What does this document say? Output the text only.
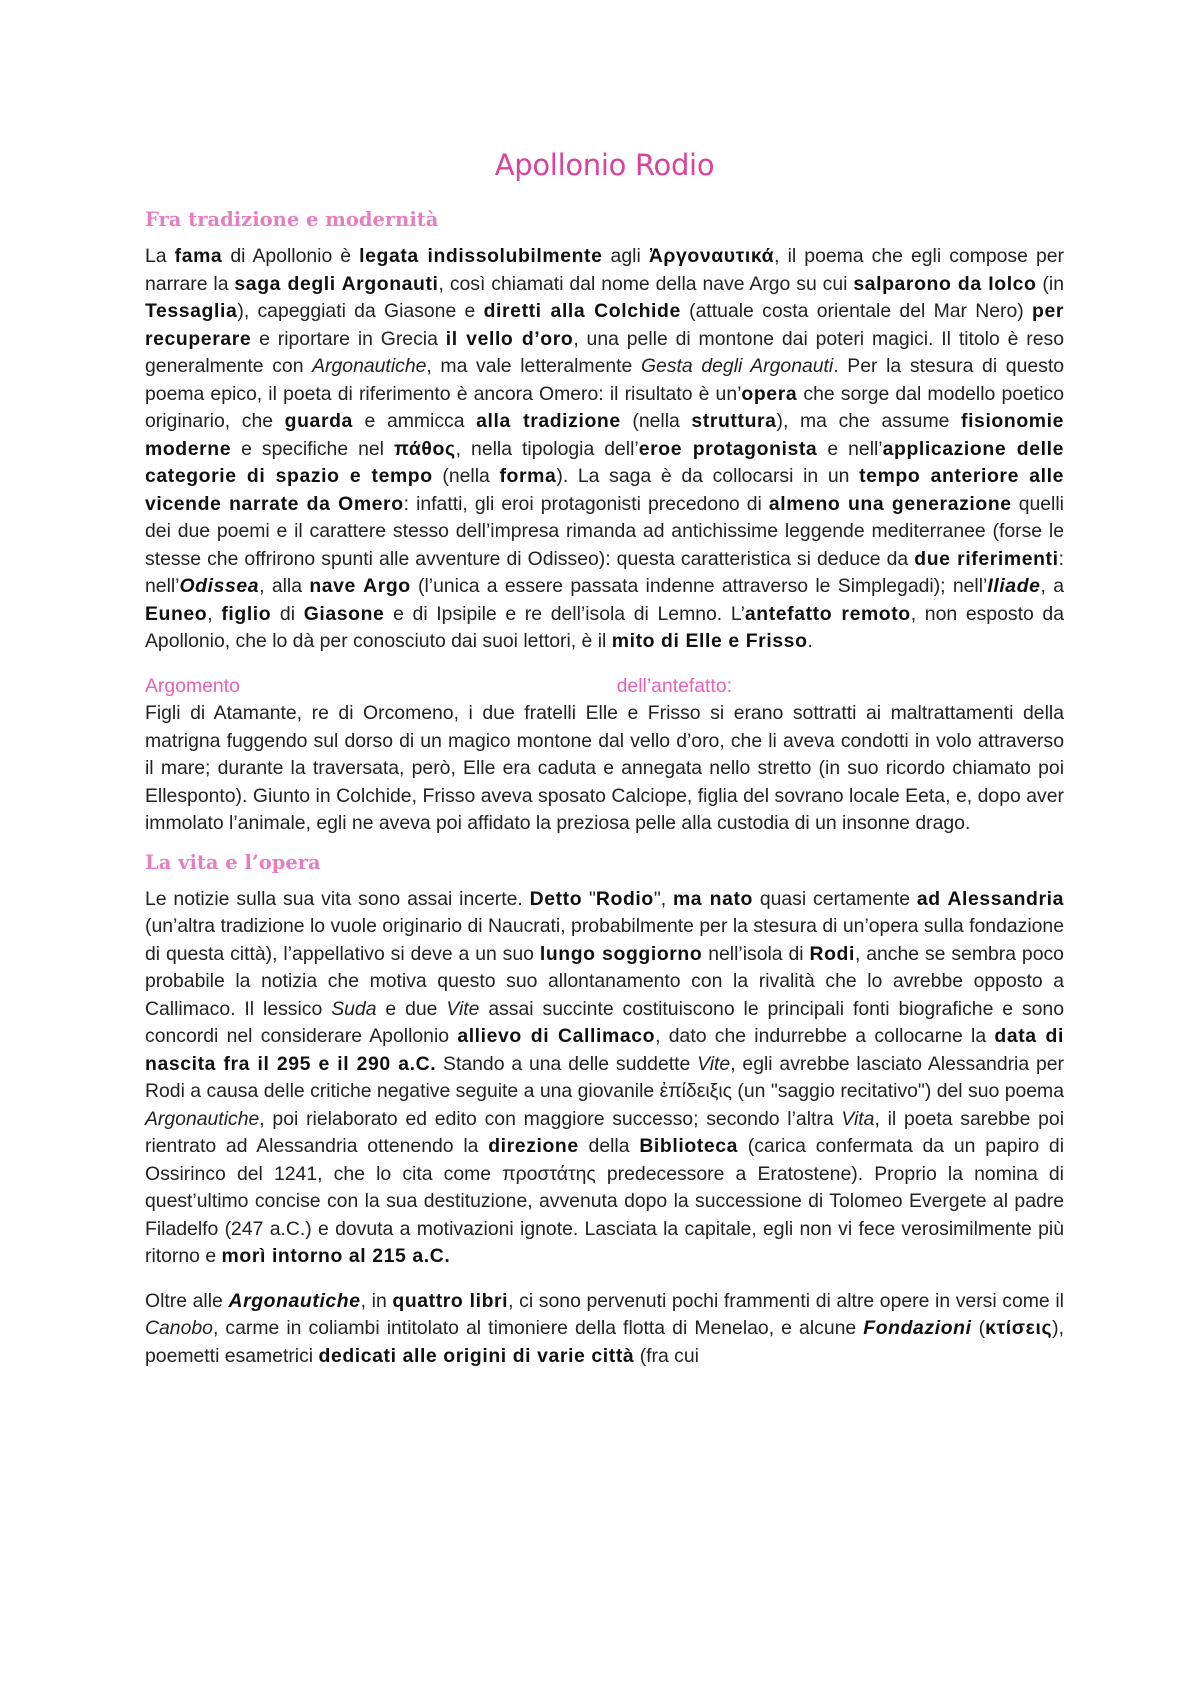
Apollonio Rodio
Fra tradizione e modernità

La fama di Apollonio è legata indissolubilmente agli Ἀργοναυτικά, il poema che egli compose per narrare la saga degli Argonauti, così chiamati dal nome della nave Argo su cui salparono da Iolco (in Tessaglia), capeggiati da Giasone e diretti alla Colchide (attuale costa orientale del Mar Nero) per recuperare e riportare in Grecia il vello d’oro, una pelle di montone dai poteri magici. Il titolo è reso generalmente con Argonautiche, ma vale letteralmente Gesta degli Argonauti. Per la stesura di questo poema epico, il poeta di riferimento è ancora Omero: il risultato è un’opera che sorge dal modello poetico originario, che guarda e ammicca alla tradizione (nella struttura), ma che assume fisionomie moderne e specifiche nel πάθος, nella tipologia dell’eroe protagonista e nell’applicazione delle categorie di spazio e tempo (nella forma). La saga è da collocarsi in un tempo anteriore alle vicende narrate da Omero: infatti, gli eroi protagonisti precedono di almeno una generazione quelli dei due poemi e il carattere stesso dell’impresa rimanda ad antichissime leggende mediterranee (forse le stesse che offrirono spunti alle avventure di Odisseo): questa caratteristica si deduce da due riferimenti: nell’Odissea, alla nave Argo (l’unica a essere passata indenne attraverso le Simplegadi); nell’Iliade, a Euneo, figlio di Giasone e di Ipsipile e re dell’isola di Lemno. L’antefatto remoto, non esposto da Apollonio, che lo dà per conosciuto dai suoi lettori, è il mito di Elle e Frisso.

Argomento	dell’antefatto:

Figli di Atamante, re di Orcomeno, i due fratelli Elle e Frisso si erano sottratti ai maltrattamenti della matrigna fuggendo sul dorso di un magico montone dal vello d’oro, che li aveva condotti in volo attraverso il mare; durante la traversata, però, Elle era caduta e annegata nello stretto (in suo ricordo chiamato poi Ellesponto). Giunto in Colchide, Frisso aveva sposato Calciope, figlia del sovrano locale Eeta, e, dopo aver immolato l’animale, egli ne aveva poi affidato la preziosa pelle alla custodia di un insonne drago.

La vita e l’opera

Le notizie sulla sua vita sono assai incerte. Detto "Rodio", ma nato quasi certamente ad Alessandria (un’altra tradizione lo vuole originario di Naucrati, probabilmente per la stesura di un’opera sulla fondazione di questa città), l’appellativo si deve a un suo lungo soggiorno nell’isola di Rodi, anche se sembra poco probabile la notizia che motiva questo suo allontanamento con la rivalità che lo avrebbe opposto a Callimaco. Il lessico Suda e due Vite assai succinte costituiscono le principali fonti biografiche e sono concordi nel considerare Apollonio allievo di Callimaco, dato che indurrebbe a collocarne la data di nascita fra il 295 e il 290 a.C. Stando a una delle suddette Vite, egli avrebbe lasciato Alessandria per Rodi a causa delle critiche negative seguite a una giovanile ἐπίδειξις (un "saggio recitativo") del suo poema Argonautiche, poi rielaborato ed edito con maggiore successo; secondo l’altra Vita, il poeta sarebbe poi rientrato ad Alessandria ottenendo la direzione della Biblioteca (carica confermata da un papiro di Ossirinco del 1241, che lo cita come προστάτης predecessore a Eratostene). Proprio la nomina di quest’ultimo concise con la sua destituzione, avvenuta dopo la successione di Tolomeo Evergete al padre Filadelfo (247 a.C.) e dovuta a motivazioni ignote. Lasciata la capitale, egli non vi fece verosimilmente più ritorno e morì intorno al 215 a.C.

Oltre alle Argonautiche, in quattro libri, ci sono pervenuti pochi frammenti di altre opere in versi come il Canobo, carme in coliambi intitolato al timoniere della flotta di Menelao, e alcune Fondazioni (κτίσεις), poemetti esametrici dedicati alle origini di varie città (fra cui
